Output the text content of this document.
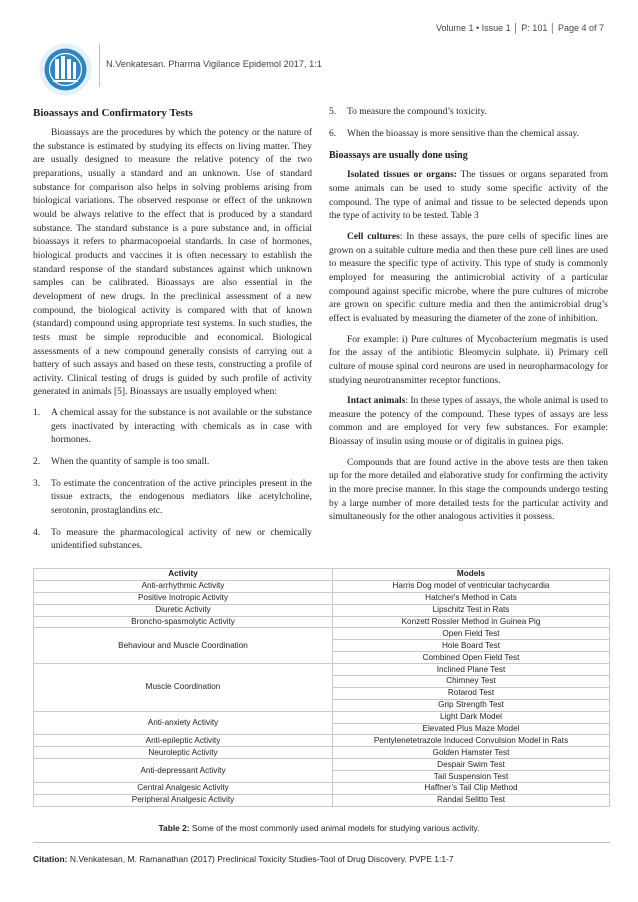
N.Venkatesan. Pharma Vigilance Epidemol 2017, 1:1
Volume 1 • Issue 1 │ P: 101 │ Page 4 of 7
Bioassays and Confirmatory Tests

Bioassays are the procedures by which the potency or the nature of the substance is estimated by studying its effects on living matter. They are usually designed to measure the relative potency of the two preparations, usually a standard and an unknown. Use of standard substance for comparison also helps in solving problems arising from biological variations. The observed response or effect of the unknown would be always relative to the effect that is produced by a standard substance. The standard substance is a pure substance and, in official bioassays it refers to pharmacopoeial standards. In case of hormones, biological products and vaccines it is often necessary to establish the standard response of the standard substances against which unknown samples can be calibrated. Bioassays are also essential in the development of new drugs. In the preclinical assessment of a new compound, the biological activity is compared with that of known (standard) compound using appropriate test systems. In such studies, the tests must be simple reproducible and economical. Biological assessments of a new compound generally consists of carrying out a battery of such assays and based on these tests, constructing a profile of activity. Clinical testing of drugs is guided by such profile of activity generated in animals [5]. Bioassays are usually employed when:

1. A chemical assay for the substance is not available or the substance gets inactivated by interacting with chemicals as in case with hormones.
2. When the quantity of sample is too small.
3. To estimate the concentration of the active principles present in the tissue extracts, the endogenous mediators like acetylcholine, serotonin, prostaglandins etc.
4. To measure the pharmacological activity of new or chemically unidentified substances.
5. To measure the compound’s toxicity.
6. When the bioassay is more sensitive than the chemical assay.
Bioassays are usually done using

Isolated tissues or organs: The tissues or organs separated from some animals can be used to study some specific activity of the compound. The type of animal and tissue to be selected depends upon the type of activity to be tested. Table 3

Cell cultures: In these assays, the pure cells of specific lines are grown on a suitable culture media and then these pure cell lines are used to measure the specific type of activity. This type of study is commonly employed for measuring the antimicrobial activity of a particular compound against specific microbe, where the pure cultures of microbe are grown on specific culture media and then the antimicrobial drug’s effect is evaluated by measuring the diameter of the zone of inhibition.

For example: i) Pure cultures of Mycobacterium megmatis is used for the assay of the antibiotic Bleomycin sulphate. ii) Primary cell culture of mouse spinal cord neurons are used in neuropharmacology for studying neurotransmitter receptor functions.

Intact animals: In these types of assays, the whole animal is used to measure the potency of the compound. These types of assays are less common and are employed for very few substances. For example: Bioassay of insulin using mouse or of digitalis in guinea pigs.

Compounds that are found active in the above tests are then taken up for the more detailed and elaborative study for confirming the activity in the more precise manner. In this stage the compounds undergo testing by a large number of more detailed tests for the particular activity and simultaneously for the other analogous activities it possess.

Activity	Models
Anti-arrhythmic Activity	Harris Dog model of ventricular tachycardia
Positive Inotropic Activity	Hatcher's Method in Cats
Diuretic Activity	Lipschitz Test in Rats
Broncho-spasmolytic Activity	Konzett Rossler Method in Guinea Pig
Behaviour and Muscle Coordination	Open Field Test
	Hole Board Test
	Combined Open Field Test
Muscle Coordination	Inclined Plane Test
	Chimney Test
	Rotarod Test
	Grip Strength Test
Anti-anxiety Activity	Light Dark Model
	Elevated Plus Maze Model
Anti-epileptic Activity	Pentylenetetrazole Induced Convulsion Model in Rats
Neuroleptic Activity	Golden Hamster Test
Anti-depressant Activity	Despair Swim Test
	Tail Suspension Test
Central Analgesic Activity	Haffner’s Tail Clip Method
Peripheral Analgesic Activity	Randal Selitto Test
Table 2: Some of the most commonly used animal models for studying various activity.
Citation: N.Venkatesan, M. Ramanathan (2017) Preclinical Toxicity Studies-Tool of Drug Discovery. PVPE 1:1-7
